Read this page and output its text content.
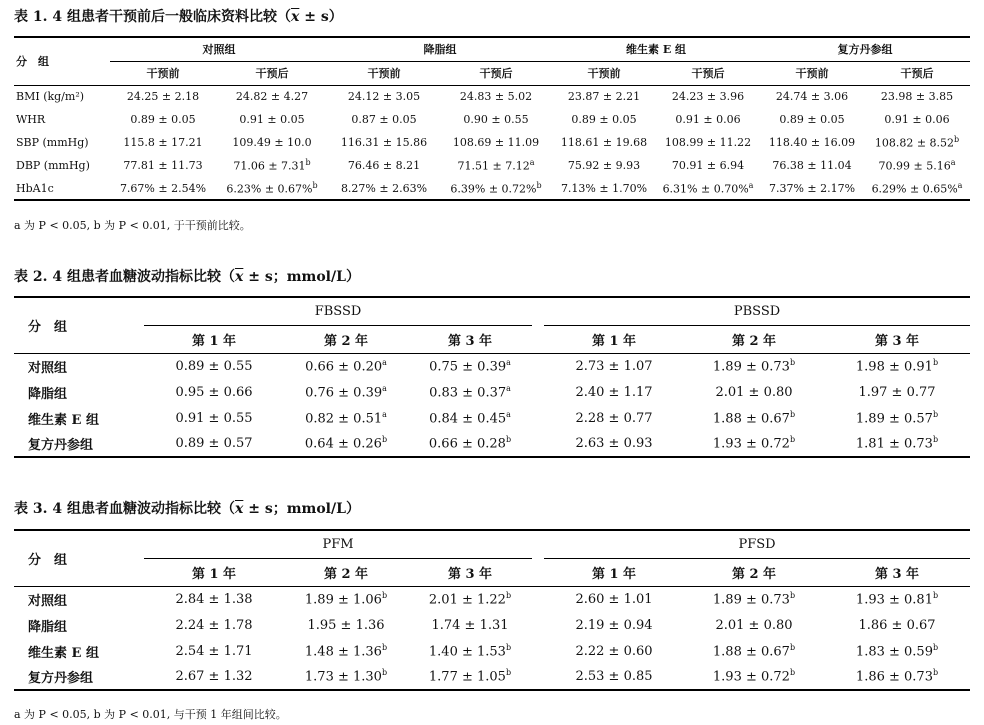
表 1. 4 组患者干预前后一般临床资料比较$(\overline{x} \pm s)$
分　组	对照组		降脂组		维生素 E 组		复方丹参组	
	干预前	干预后	干预前	干预后	干预前	干预后	干预前	干预后
BMI (kg/m²)	24.25 ± 2.18	24.82 ± 4.27	24.12 ± 3.05	24.83 ± 5.02	23.87 ± 2.21	24.23 ± 3.96	24.74 ± 3.06	23.98 ± 3.85
WHR	0.89 ± 0.05	0.91 ± 0.05	0.87 ± 0.05	0.90 ± 0.55	0.89 ± 0.05	0.91 ± 0.06	0.89 ± 0.05	0.91 ± 0.06
SBP (mmHg)	115.8 ± 17.21	109.49 ± 10.0	116.31 ± 15.86	108.69 ± 11.09	118.61 ± 19.68	108.99 ± 11.22	118.40 ± 16.09	108.82 ± 8.52$^b$
DBP (mmHg)	77.81 ± 11.73	71.06 ± 7.31$^b$	76.46 ± 8.21	71.51 ± 7.12$^a$	75.92 ± 9.93	70.91 ± 6.94	76.38 ± 11.04	70.99 ± 5.16$^a$
HbA1c	7.67% ± 2.54%	6.23% ± 0.67%$^b$	8.27% ± 2.63%	6.39% ± 0.72%$^b$	7.13% ± 1.70%	6.31% ± 0.70%$^a$	7.37% ± 2.17%	6.29% ± 0.65%$^a$
a 为 P < 0.05, b 为 P < 0.01, 于干预前比较。
表 2. 4 组患者血糖波动指标比较（$\overline{x} \pm s$；mmol/L）
分　组	FBSSD				PBSSD		
	第 1 年	第 2 年	第 3 年		第 1 年	第 2 年	第 3 年
对照组	0.89 ± 0.55	0.66 ± 0.20$^a$	0.75 ± 0.39$^a$		2.73 ± 1.07	1.89 ± 0.73$^b$	1.98 ± 0.91$^b$
降脂组	0.95 ± 0.66	0.76 ± 0.39$^a$	0.83 ± 0.37$^a$		2.40 ± 1.17	2.01 ± 0.80	1.97 ± 0.77
维生素 E 组	0.91 ± 0.55	0.82 ± 0.51$^a$	0.84 ± 0.45$^a$		2.28 ± 0.77	1.88 ± 0.67$^b$	1.89 ± 0.57$^b$
复方丹参组	0.89 ± 0.57	0.64 ± 0.26$^b$	0.66 ± 0.28$^b$		2.63 ± 0.93	1.93 ± 0.72$^b$	1.81 ± 0.73$^b$
表 3. 4 组患者血糖波动指标比较（$\overline{x} \pm s$；mmol/L）
分　组	PFM				PFSD		
	第 1 年	第 2 年	第 3 年		第 1 年	第 2 年	第 3 年
对照组	2.84 ± 1.38	1.89 ± 1.06$^b$	2.01 ± 1.22$^b$		2.60 ± 1.01	1.89 ± 0.73$^b$	1.93 ± 0.81$^b$
降脂组	2.24 ± 1.78	1.95 ± 1.36	1.74 ± 1.31		2.19 ± 0.94	2.01 ± 0.80	1.86 ± 0.67
维生素 E 组	2.54 ± 1.71	1.48 ± 1.36$^b$	1.40 ± 1.53$^b$		2.22 ± 0.60	1.88 ± 0.67$^b$	1.83 ± 0.59$^b$
复方丹参组	2.67 ± 1.32	1.73 ± 1.30$^b$	1.77 ± 1.05$^b$		2.53 ± 0.85	1.93 ± 0.72$^b$	1.86 ± 0.73$^b$
a 为 P < 0.05, b 为 P < 0.01, 与干预 1 年组间比较。
